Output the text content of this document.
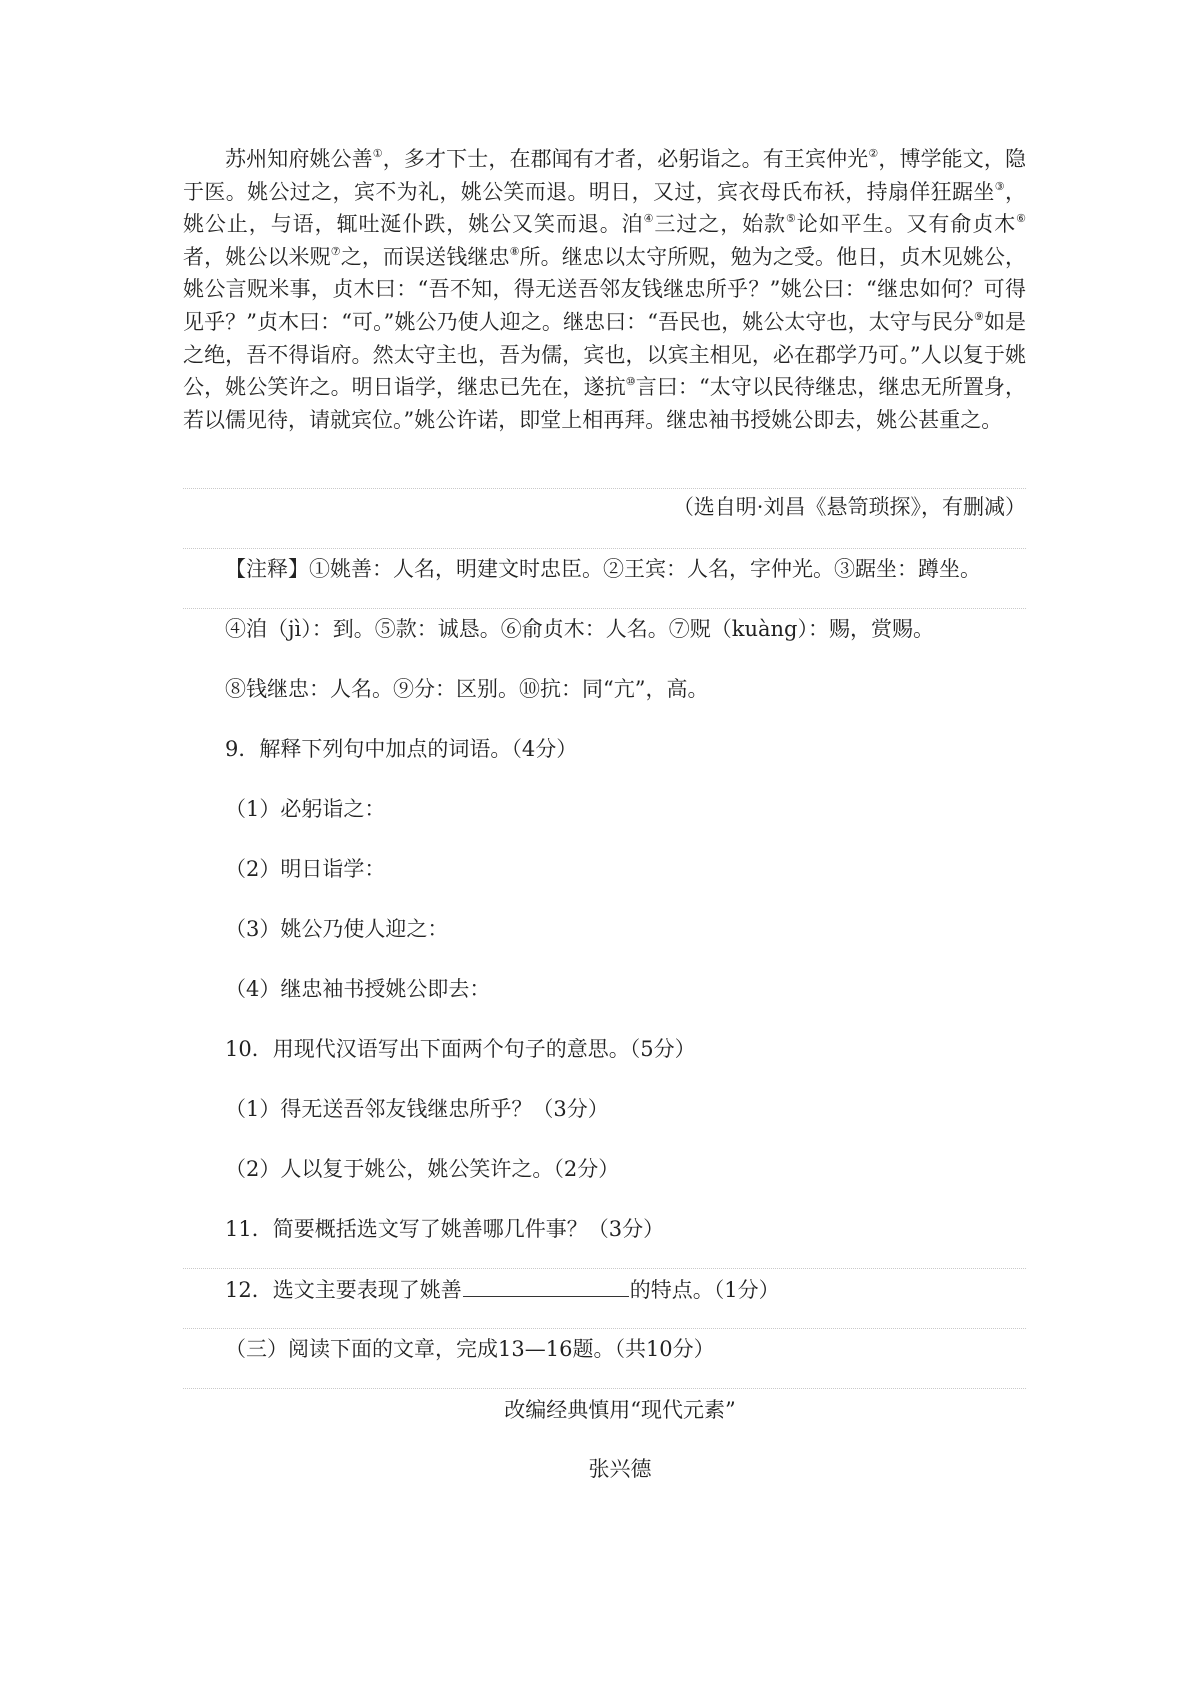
苏州知府姚公善①，多才下士，在郡闻有才者，必躬诣之。有王宾仲光②，博学能文，隐于医。姚公过之，宾不为礼，姚公笑而退。明日，又过，宾衣母氏布袄，持扇佯狂踞坐③，姚公止，与语，辄吐涎仆跌，姚公又笑而退。洎④三过之，始款⑤论如平生。又有俞贞木⑥者，姚公以米贶⑦之，而误送钱继忠⑧所。继忠以太守所贶，勉为之受。他日，贞木见姚公，姚公言贶米事，贞木曰：“吾不知，得无送吾邻友钱继忠所乎？”姚公曰：“继忠如何？可得见乎？”贞木曰：“可。”姚公乃使人迎之。继忠曰：“吾民也，姚公太守也，太守与民分⑨如是之绝，吾不得诣府。然太守主也，吾为儒，宾也，以宾主相见，必在郡学乃可。”人以复于姚公，姚公笑许之。明日诣学，继忠已先在，遂抗⑩言曰：“太守以民待继忠，继忠无所置身，若以儒见待，请就宾位。”姚公许诺，即堂上相再拜。继忠袖书授姚公即去，姚公甚重之。

（选自明·刘昌《悬笥琐探》，有删减）
【注释】①姚善：人名，明建文时忠臣。②王宾：人名，字仲光。③踞坐：蹲坐。
④洎（jì）：到。⑤款：诚恳。⑥俞贞木：人名。⑦贶（kuàng）：赐，赏赐。
⑧钱继忠：人名。⑨分：区别。⑩抗：同“亢”，高。
9．解释下列句中加点的词语。（4分）
（1）必躬诣之：
（2）明日诣学：
（3）姚公乃使人迎之：
（4）继忠袖书授姚公即去：
10．用现代汉语写出下面两个句子的意思。（5分）
（1）得无送吾邻友钱继忠所乎？（3分）
（2）人以复于姚公，姚公笑许之。（2分）
11．简要概括选文写了姚善哪几件事？（3分）
12．选文主要表现了姚善	的特点。（1分）
（三）阅读下面的文章，完成13—16题。（共10分）
改编经典慎用“现代元素”
张兴德
